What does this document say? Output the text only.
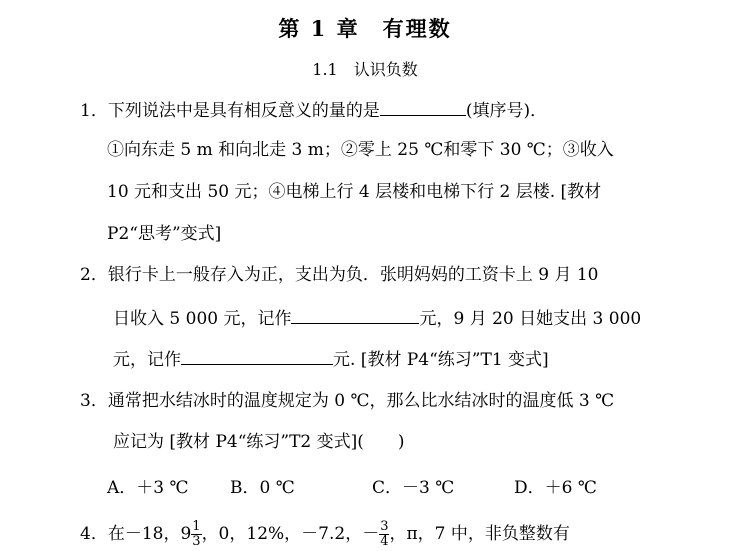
第 1 章　有理数
1.1　认识负数
1．下列说法中是具有相反意义的量的是	(填序号)．
①向东走 5 m 和向北走 3 m；②零上 25 ℃和零下 30 ℃；③收入
10 元和支出 50 元；④电梯上行 4 层楼和电梯下行 2 层楼. [教材
P2“思考”变式]
2．银行卡上一般存入为正，支出为负．张明妈妈的工资卡上 9 月 10
日收入 5 000 元，记作	元，9 月 20 日她支出 3 000
元，记作	元. [教材 P4“练习”T1 变式]
3．通常把水结冰时的温度规定为 0 ℃，那么比水结冰时的温度低 3 ℃
应记为 [教材 P4“练习”T2 变式](　　)
A．＋3 ℃ B．0 ℃	C．－3 ℃	D．＋6 ℃
4．在－18，$9 \frac{1}{3}$ ，0，12%，－7.2，－ $\frac{3}{4}$ ，π，7 中，非负整数有
